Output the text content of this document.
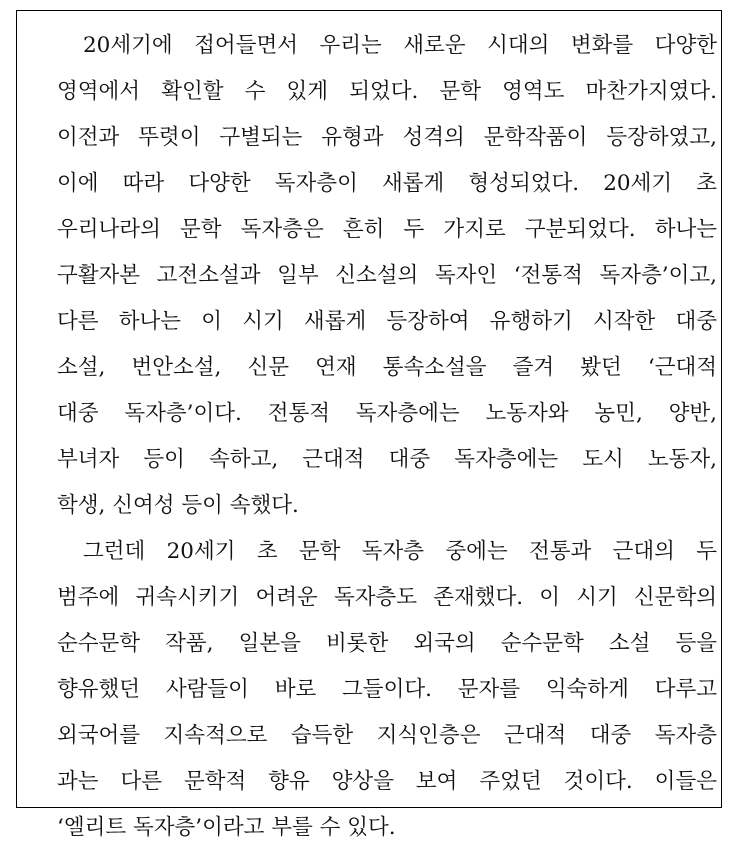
20세기에 접어들면서 우리는 새로운 시대의 변화를 다양한
영역에서 확인할 수 있게 되었다. 문학 영역도 마찬가지였다.
이전과 뚜렷이 구별되는 유형과 성격의 문학작품이 등장하였고,
이에 따라 다양한 독자층이 새롭게 형성되었다. 20세기 초
우리나라의 문학 독자층은 흔히 두 가지로 구분되었다. 하나는
구활자본 고전소설과 일부 신소설의 독자인 ‘전통적 독자층’이고,
다른 하나는 이 시기 새롭게 등장하여 유행하기 시작한 대중
소설, 번안소설, 신문 연재 통속소설을 즐겨 봤던 ‘근대적
대중 독자층’이다. 전통적 독자층에는 노동자와 농민, 양반,
부녀자 등이 속하고, 근대적 대중 독자층에는 도시 노동자,
학생, 신여성 등이 속했다.
그런데 20세기 초 문학 독자층 중에는 전통과 근대의 두
범주에 귀속시키기 어려운 독자층도 존재했다. 이 시기 신문학의
순수문학 작품, 일본을 비롯한 외국의 순수문학 소설 등을
향유했던 사람들이 바로 그들이다. 문자를 익숙하게 다루고
외국어를 지속적으로 습득한 지식인층은 근대적 대중 독자층
과는 다른 문학적 향유 양상을 보여 주었던 것이다. 이들은
‘엘리트 독자층’이라고 부를 수 있다.
